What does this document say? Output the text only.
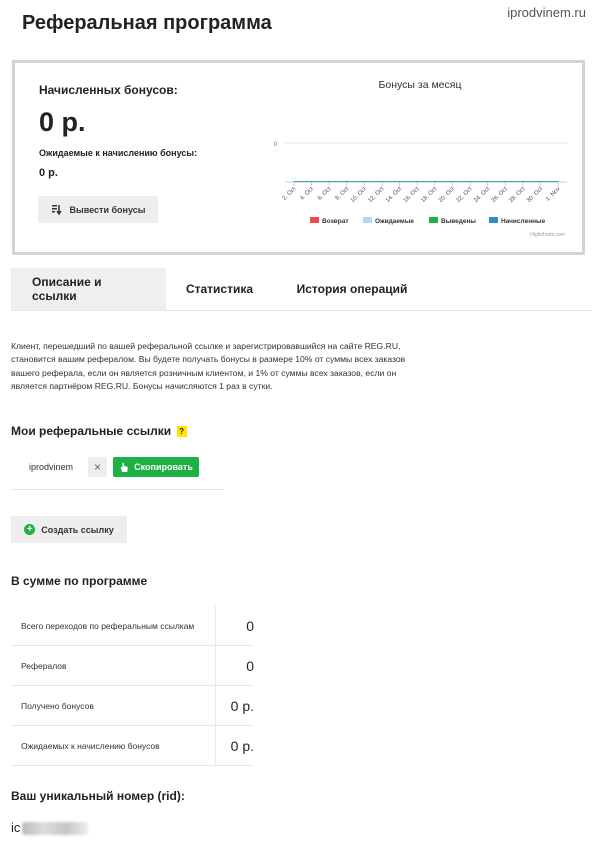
iprodvinem.ru
Реферальная программа
Начисленных бонусов:
0 р.
Ожидаемые к начислению бонусы:
0 р.
Вывести бонусы
Бонусы за месяц
0
2. Oct 4. Oct 6. Oct 8. Oct 10. Oct 12. Oct 14. Oct 16. Oct 18. Oct 20. Oct 22. Oct 24. Oct 26. Oct 28. Oct 30. Oct 1. Nov
Возврат	Ожидаемые	Выведены	Начисленные
Highcharts.com
Описание и ссылки	Статистика	История операций

Клиент, перешедший по вашей реферальной ссылке и зарегистрировавшийся на сайте REG.RU, становится вашим рефералом. Вы будете получать бонусы в размере 10% от суммы всех заказов вашего реферала, если он является розничным клиентом, и 1% от суммы всех заказов, если он является партнёром REG.RU. Бонусы начисляются 1 раз в сутки.

Мои реферальные ссылки ?
iprodvinem	×	Скопировать
+ Создать ссылку
В сумме по программе
Всего переходов по реферальным ссылкам	0
Рефералов	0
Получено бонусов	0 р.
Ожидаемых к начислению бонусов	0 р.
Ваш уникальный номер (rid):
ic
